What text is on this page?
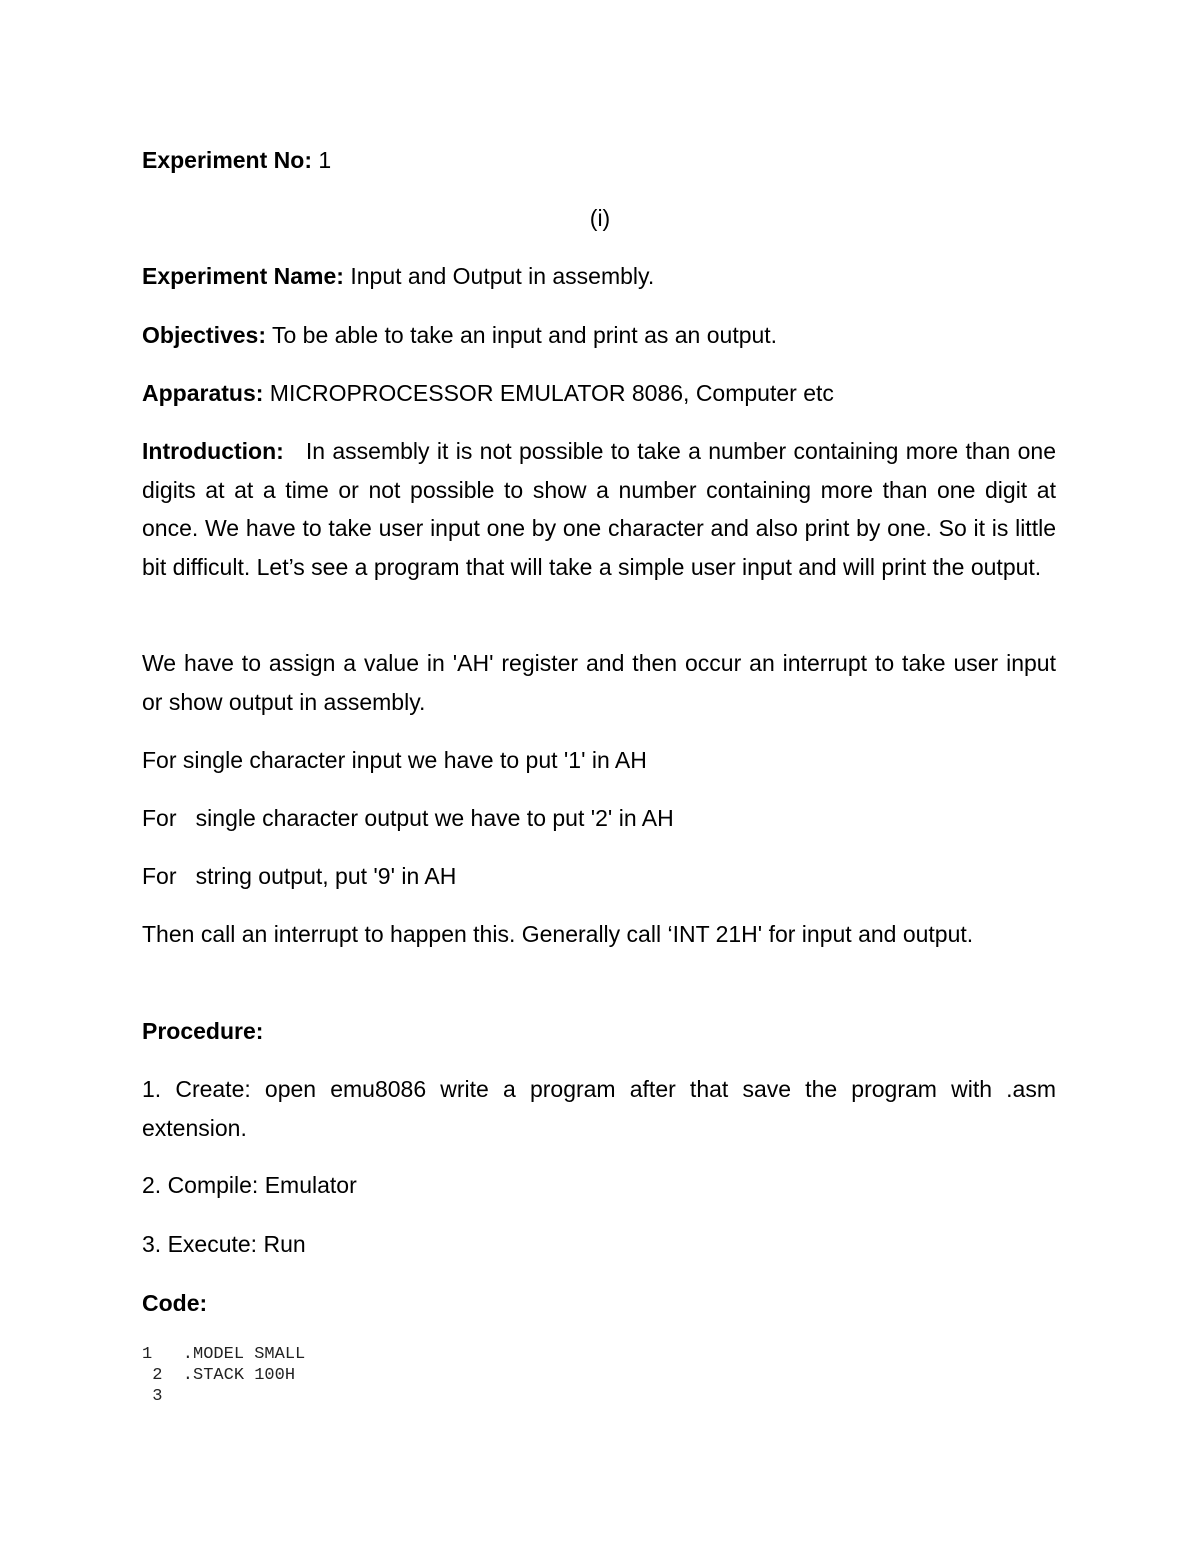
Experiment No: 1
(i)
Experiment Name: Input and Output in assembly.
Objectives: To be able to take an input and print as an output.
Apparatus: MICROPROCESSOR EMULATOR 8086, Computer etc
Introduction: In assembly it is not possible to take a number containing more than one digits at at a time or not possible to show a number containing more than one digit at once. We have to take user input one by one character and also print by one. So it is little bit difficult. Let’s see a program that will take a simple user input and will print the output.
We have to assign a value in 'AH' register and then occur an interrupt to take user input or show output in assembly.
For single character input we have to put '1' in AH
For   single character output we have to put '2' in AH
For   string output, put '9' in AH
Then call an interrupt to happen this. Generally call ‘INT 21H' for input and output.
Procedure:
1. Create: open emu8086 write a program after that save the program with .asm extension.
2. Compile: Emulator
3. Execute: Run
Code:
1   .MODEL SMALL
2  .STACK 100H
3
